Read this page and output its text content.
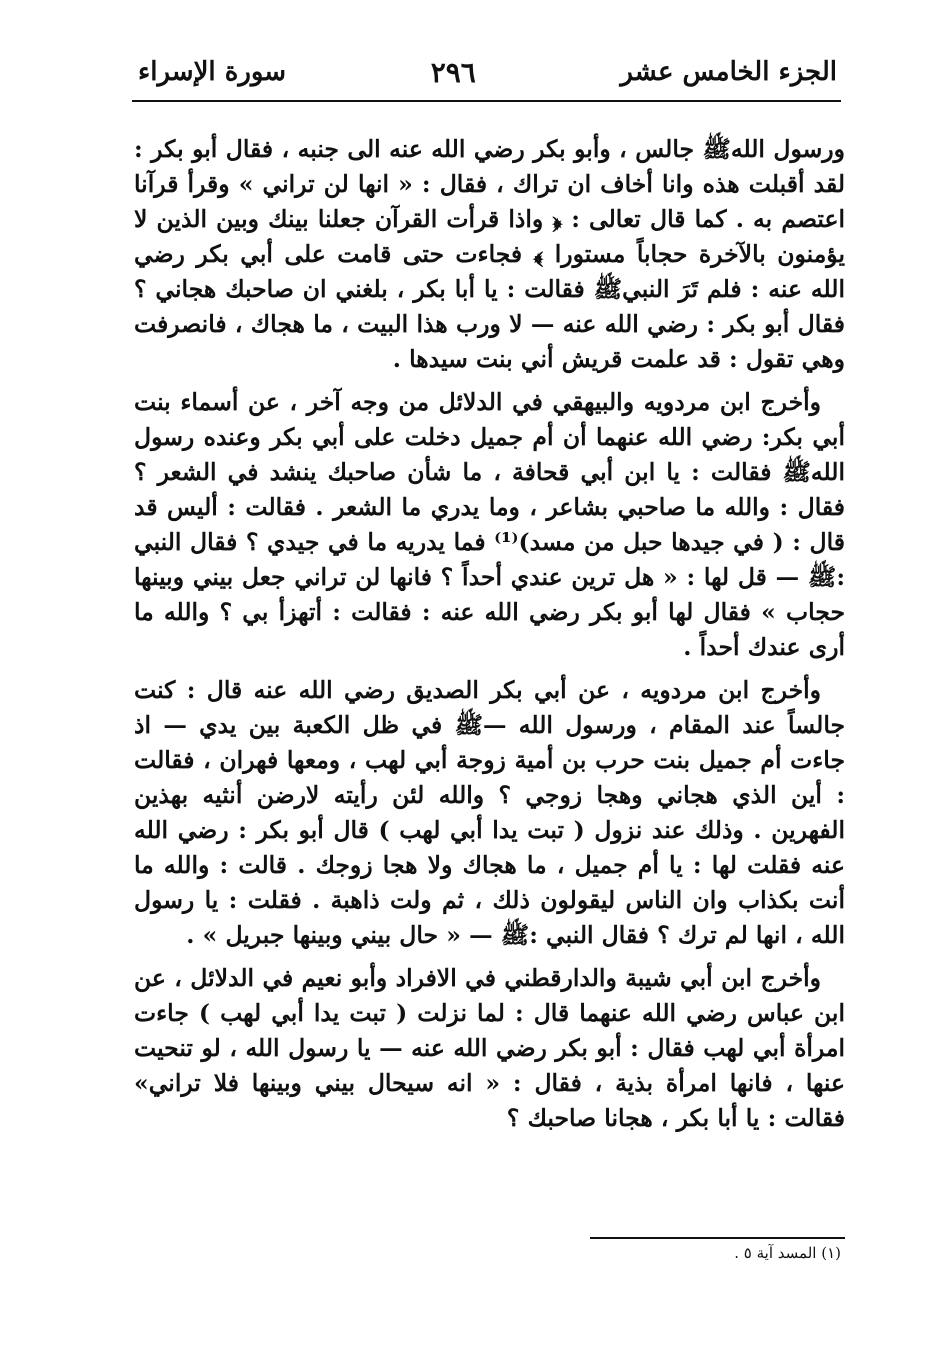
الجزء الخامس عشر
٢٩٦
سورة الإسراء

ورسول اللهﷺ جالس ، وأبو بكر رضي الله عنه الى جنبه ، فقال أبو بكر : لقد أقبلت هذه وانا أخاف ان تراك ، فقال : « انها لن تراني » وقرأ قرآنا اعتصم به . كما قال تعالى : ﴿ واذا قرأت القرآن جعلنا بينك وبين الذين لا يؤمنون بالآخرة حجاباً مستورا ﴾ فجاءت حتى قامت على أبي بكر رضي الله عنه : فلم تَرَ النبيﷺ فقالت : يا أبا بكر ، بلغني ان صاحبك هجاني ؟ فقال أبو بكر : رضي الله عنه — لا ورب هذا البيت ، ما هجاك ، فانصرفت وهي تقول : قد علمت قريش أني بنت سيدها .

وأخرج ابن مردويه والبيهقي في الدلائل من وجه آخر ، عن أسماء بنت أبي بكر: رضي الله عنهما أن أم جميل دخلت على أبي بكر وعنده رسول اللهﷺ فقالت : يا ابن أبي قحافة ، ما شأن صاحبك ينشد في الشعر ؟ فقال : والله ما صاحبي بشاعر ، وما يدري ما الشعر . فقالت : أليس قد قال : ( في جيدها حبل من مسد)⁽¹⁾ فما يدريه ما في جيدي ؟ فقال النبي :ﷺ — قل لها : « هل ترين عندي أحداً ؟ فانها لن تراني جعل بيني وبينها حجاب » فقال لها أبو بكر رضي الله عنه : فقالت : أتهزأ بي ؟ والله ما أرى عندك أحداً .

وأخرج ابن مردويه ، عن أبي بكر الصديق رضي الله عنه قال : كنت جالساً عند المقام ، ورسول الله —ﷺ في ظل الكعبة بين يدي — اذ جاءت أم جميل بنت حرب بن أمية زوجة أبي لهب ، ومعها فهران ، فقالت : أين الذي هجاني وهجا زوجي ؟ والله لئن رأيته لارضن أنثيه بهذين الفهرين . وذلك عند نزول ( تبت يدا أبي لهب ) قال أبو بكر : رضي الله عنه فقلت لها : يا أم جميل ، ما هجاك ولا هجا زوجك . قالت : والله ما أنت بكذاب وان الناس ليقولون ذلك ، ثم ولت ذاهبة . فقلت : يا رسول الله ، انها لم ترك ؟ فقال النبي :ﷺ — « حال بيني وبينها جبريل » .

وأخرج ابن أبي شيبة والدارقطني في الافراد وأبو نعيم في الدلائل ، عن ابن عباس رضي الله عنهما قال : لما نزلت ( تبت يدا أبي لهب ) جاءت امرأة أبي لهب فقال : أبو بكر رضي الله عنه — يا رسول الله ، لو تنحيت عنها ، فانها امرأة بذية ، فقال : « انه سيحال بيني وبينها فلا تراني» فقالت : يا أبا بكر ، هجانا صاحبك ؟

(١) المسد آية ٥ .
